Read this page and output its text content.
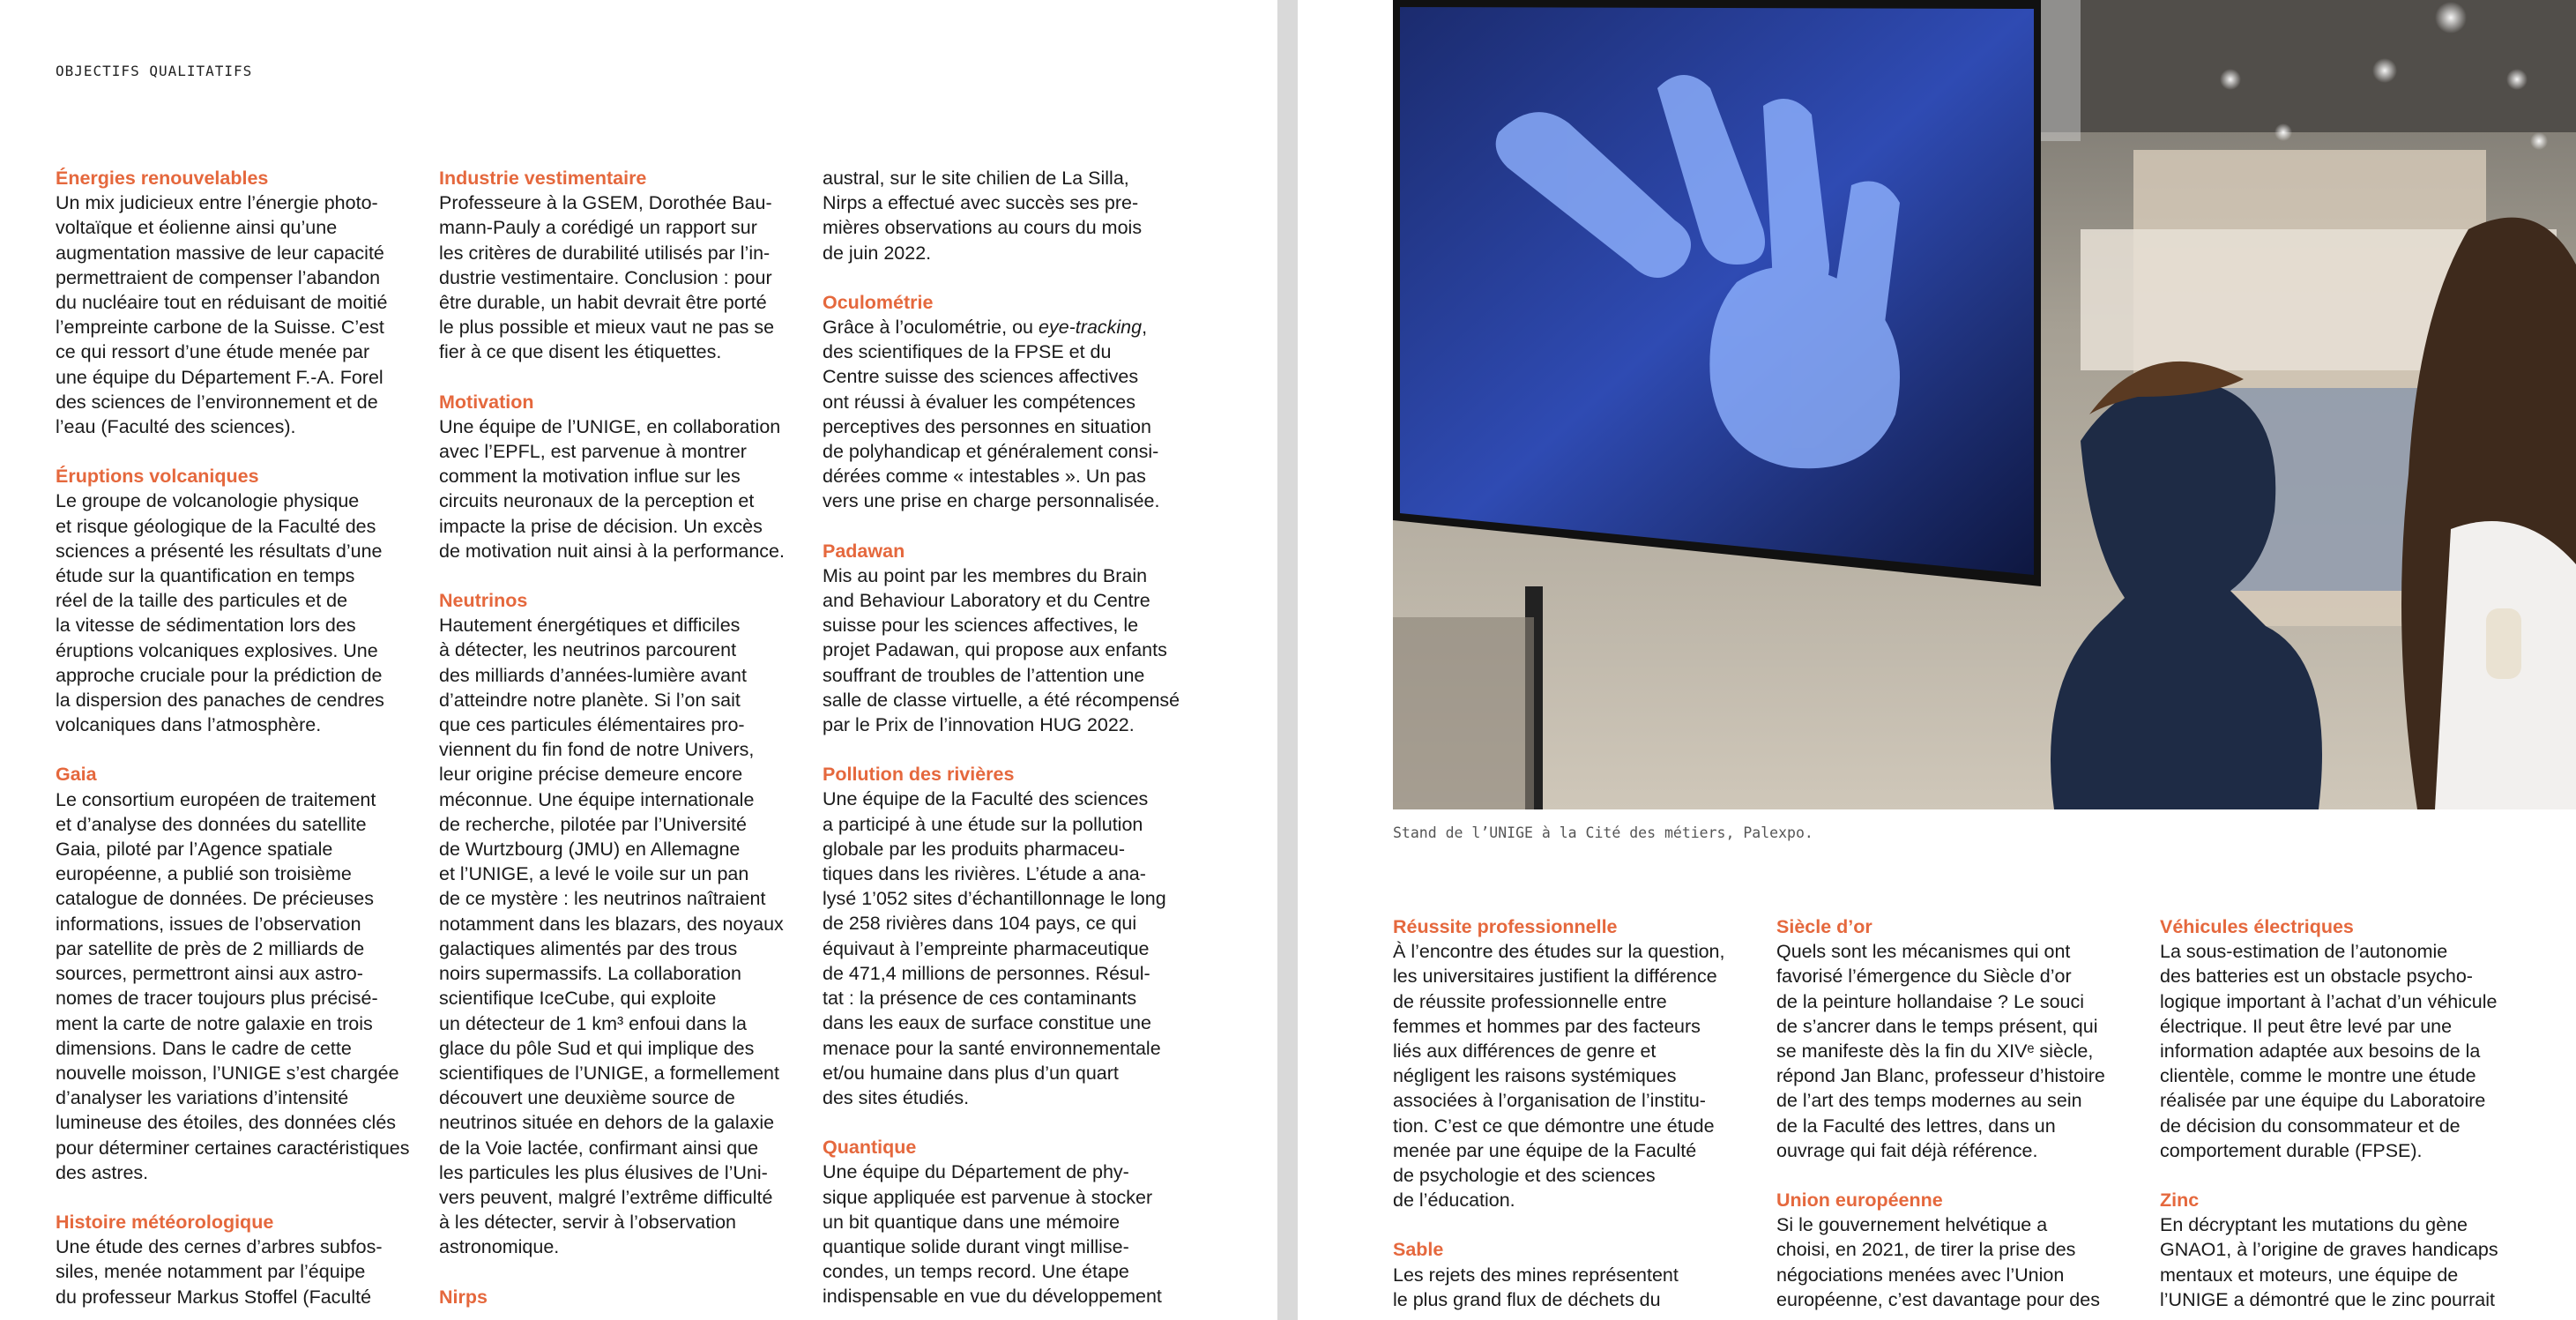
OBJECTIFS QUALITATIFS
Énergies renouvelables
Un mix judicieux entre l’énergie photo-
voltaïque et éolienne ainsi qu’une
augmentation massive de leur capacité
permettraient de compenser l’abandon
du nucléaire tout en réduisant de moitié
l’empreinte carbone de la Suisse. C’est
ce qui ressort d’une étude menée par
une équipe du Département F.-A. Forel
des sciences de l’environnement et de
l’eau (Faculté des sciences).
Éruptions volcaniques
Le groupe de volcanologie physique
et risque géologique de la Faculté des
sciences a présenté les résultats d’une
étude sur la quantification en temps
réel de la taille des particules et de
la vitesse de sédimentation lors des
éruptions volcaniques explosives. Une
approche cruciale pour la prédiction de
la dispersion des panaches de cendres
volcaniques dans l’atmosphère.
Gaia
Le consortium européen de traitement
et d’analyse des données du satellite
Gaia, piloté par l’Agence spatiale
européenne, a publié son troisième
catalogue de données. De précieuses
informations, issues de l’observation
par satellite de près de 2 milliards de
sources, permettront ainsi aux astro-
nomes de tracer toujours plus précisé-
ment la carte de notre galaxie en trois
dimensions. Dans le cadre de cette
nouvelle moisson, l’UNIGE s’est chargée
d’analyser les variations d’intensité
lumineuse des étoiles, des données clés
pour déterminer certaines caractéristiques
des astres.
Histoire météorologique
Une étude des cernes d’arbres subfos-
siles, menée notamment par l’équipe
du professeur Markus Stoffel (Faculté
Industrie vestimentaire
Professeure à la GSEM, Dorothée Bau-
mann-Pauly a corédigé un rapport sur
les critères de durabilité utilisés par l’in-
dustrie vestimentaire. Conclusion : pour
être durable, un habit devrait être porté
le plus possible et mieux vaut ne pas se
fier à ce que disent les étiquettes.
Motivation
Une équipe de l’UNIGE, en collaboration
avec l’EPFL, est parvenue à montrer
comment la motivation influe sur les
circuits neuronaux de la perception et
impacte la prise de décision. Un excès
de motivation nuit ainsi à la performance.
Neutrinos
Hautement énergétiques et difficiles
à détecter, les neutrinos parcourent
des milliards d’années-lumière avant
d’atteindre notre planète. Si l’on sait
que ces particules élémentaires pro-
viennent du fin fond de notre Univers,
leur origine précise demeure encore
méconnue. Une équipe internationale
de recherche, pilotée par l’Université
de Wurtzbourg (JMU) en Allemagne
et l’UNIGE, a levé le voile sur un pan
de ce mystère : les neutrinos naîtraient
notamment dans les blazars, des noyaux
galactiques alimentés par des trous
noirs supermassifs. La collaboration
scientifique IceCube, qui exploite
un détecteur de 1 km³ enfoui dans la
glace du pôle Sud et qui implique des
scientifiques de l’UNIGE, a formellement
découvert une deuxième source de
neutrinos située en dehors de la galaxie
de la Voie lactée, confirmant ainsi que
les particules les plus élusives de l’Uni-
vers peuvent, malgré l’extrême difficulté
à les détecter, servir à l’observation
astronomique.
Nirps
austral, sur le site chilien de La Silla,
Nirps a effectué avec succès ses pre-
mières observations au cours du mois
de juin 2022.
Oculométrie
Grâce à l’oculométrie, ou eye-tracking,
des scientifiques de la FPSE et du
Centre suisse des sciences affectives
ont réussi à évaluer les compétences
perceptives des personnes en situation
de polyhandicap et généralement consi-
dérées comme « intestables ». Un pas
vers une prise en charge personnalisée.
Padawan
Mis au point par les membres du Brain
and Behaviour Laboratory et du Centre
suisse pour les sciences affectives, le
projet Padawan, qui propose aux enfants
souffrant de troubles de l’attention une
salle de classe virtuelle, a été récompensé
par le Prix de l’innovation HUG 2022.
Pollution des rivières
Une équipe de la Faculté des sciences
a participé à une étude sur la pollution
globale par les produits pharmaceu-
tiques dans les rivières. L’étude a ana-
lysé 1’052 sites d’échantillonnage le long
de 258 rivières dans 104 pays, ce qui
équivaut à l’empreinte pharmaceutique
de 471,4 millions de personnes. Résul-
tat : la présence de ces contaminants
dans les eaux de surface constitue une
menace pour la santé environnementale
et/ou humaine dans plus d’un quart
des sites étudiés.
Quantique
Une équipe du Département de phy-
sique appliquée est parvenue à stocker
un bit quantique dans une mémoire
quantique solide durant vingt millise-
condes, un temps record. Une étape
indispensable en vue du développement
Stand de l’UNIGE à la Cité des métiers, Palexpo.
Réussite professionnelle
À l’encontre des études sur la question,
les universitaires justifient la différence
de réussite professionnelle entre
femmes et hommes par des facteurs
liés aux différences de genre et
négligent les raisons systémiques
associées à l’organisation de l’institu-
tion. C’est ce que démontre une étude
menée par une équipe de la Faculté
de psychologie et des sciences
de l’éducation.
Sable
Les rejets des mines représentent
le plus grand flux de déchets du
Siècle d’or
Quels sont les mécanismes qui ont
favorisé l’émergence du Siècle d’or
de la peinture hollandaise ? Le souci
de s’ancrer dans le temps présent, qui
se manifeste dès la fin du XIVᵉ siècle,
répond Jan Blanc, professeur d’histoire
de l’art des temps modernes au sein
de la Faculté des lettres, dans un
ouvrage qui fait déjà référence.
Union européenne
Si le gouvernement helvétique a
choisi, en 2021, de tirer la prise des
négociations menées avec l’Union
européenne, c’est davantage pour des
Véhicules électriques
La sous-estimation de l’autonomie
des batteries est un obstacle psycho-
logique important à l’achat d’un véhicule
électrique. Il peut être levé par une
information adaptée aux besoins de la
clientèle, comme le montre une étude
réalisée par une équipe du Laboratoire
de décision du consommateur et de
comportement durable (FPSE).
Zinc
En décryptant les mutations du gène
GNAO1, à l’origine de graves handicaps
mentaux et moteurs, une équipe de
l’UNIGE a démontré que le zinc pourrait
